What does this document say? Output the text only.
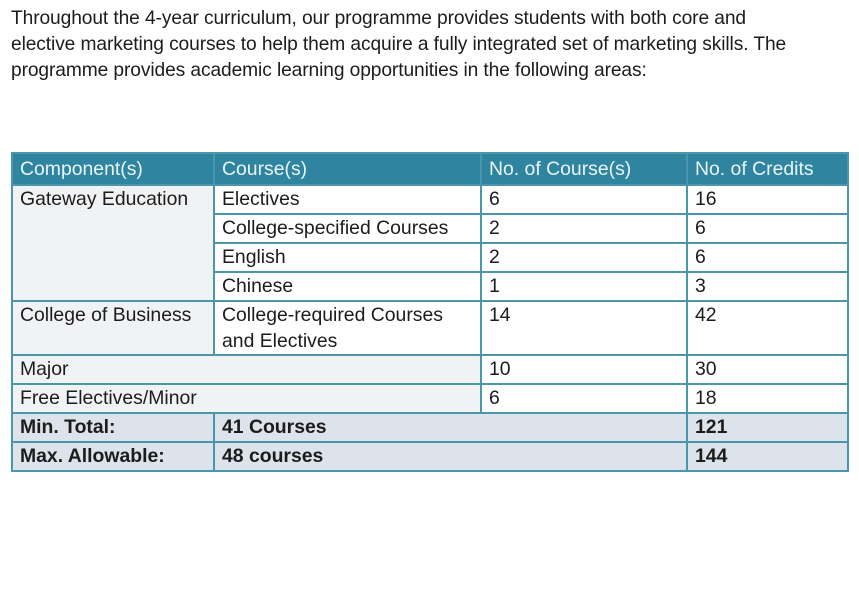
Throughout the 4-year curriculum, our programme provides students with both core and
elective marketing courses to help them acquire a fully integrated set of marketing skills. The
programme provides academic learning opportunities in the following areas:
Component(s)	Course(s)	No. of Course(s)	No. of Credits
Gateway Education	Electives	6	16
	College-specified Courses	2	6
	English	2	6
	Chinese	1	3
College of Business	College-required Courses
and Electives	14	42
Major		10	30
Free Electives/Minor		6	18
Min. Total:	41 Courses		121
Max. Allowable:	48 courses		144
